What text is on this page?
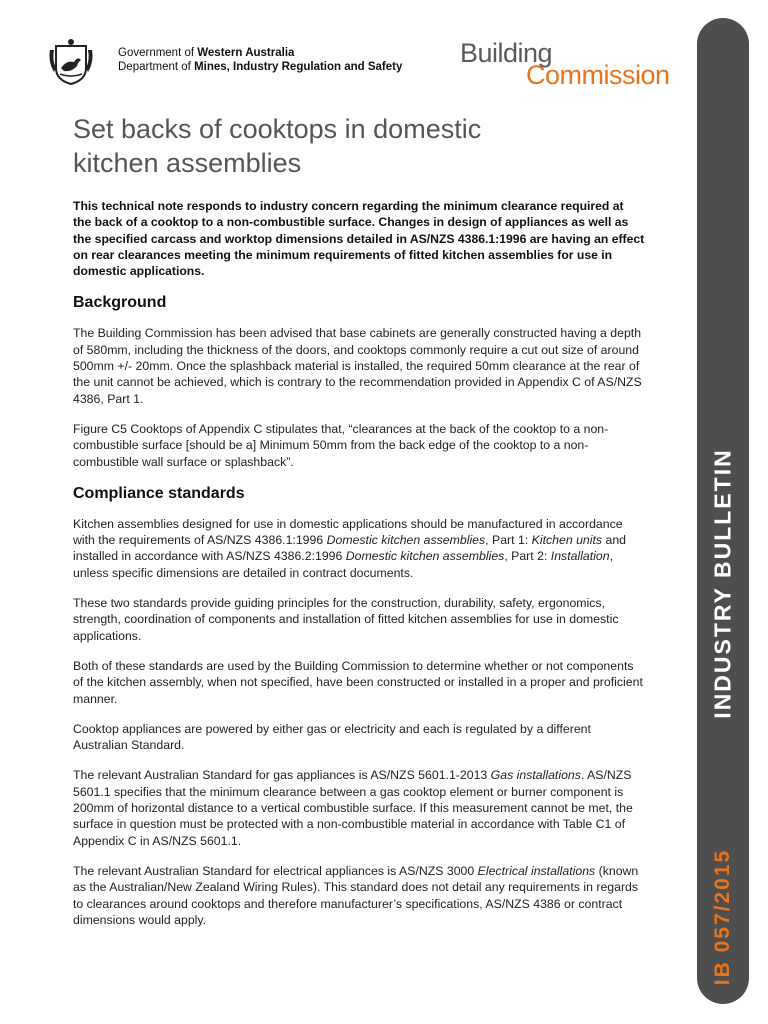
Government of Western Australia
Department of Mines, Industry Regulation and Safety Building
Commission
INDUSTRY BULLETIN
IB 057/2015
Set backs of cooktops in domestic
kitchen assemblies

This technical note responds to industry concern regarding the minimum clearance required at the back of a cooktop to a non-combustible surface. Changes in design of appliances as well as the specified carcass and worktop dimensions detailed in AS/NZS 4386.1:1996 are having an effect on rear clearances meeting the minimum requirements of fitted kitchen assemblies for use in domestic applications.

Background

The Building Commission has been advised that base cabinets are generally constructed having a depth of 580mm, including the thickness of the doors, and cooktops commonly require a cut out size of around 500mm +/- 20mm. Once the splashback material is installed, the required 50mm clearance at the rear of the unit cannot be achieved, which is contrary to the recommendation provided in Appendix C of AS/NZS 4386, Part 1.

Figure C5 Cooktops of Appendix C stipulates that, “clearances at the back of the cooktop to a non-combustible surface [should be a] Minimum 50mm from the back edge of the cooktop to a non-combustible wall surface or splashback”.

Compliance standards

Kitchen assemblies designed for use in domestic applications should be manufactured in accordance with the requirements of AS/NZS 4386.1:1996 Domestic kitchen assemblies, Part 1: Kitchen units and installed in accordance with AS/NZS 4386.2:1996 Domestic kitchen assemblies, Part 2: Installation, unless specific dimensions are detailed in contract documents.

These two standards provide guiding principles for the construction, durability, safety, ergonomics, strength, coordination of components and installation of fitted kitchen assemblies for use in domestic applications.

Both of these standards are used by the Building Commission to determine whether or not components of the kitchen assembly, when not specified, have been constructed or installed in a proper and proficient manner.

Cooktop appliances are powered by either gas or electricity and each is regulated by a different Australian Standard.

The relevant Australian Standard for gas appliances is AS/NZS 5601.1-2013 Gas installations. AS/NZS 5601.1 specifies that the minimum clearance between a gas cooktop element or burner component is 200mm of horizontal distance to a vertical combustible surface. If this measurement cannot be met, the surface in question must be protected with a non-combustible material in accordance with Table C1 of Appendix C in AS/NZS 5601.1.

The relevant Australian Standard for electrical appliances is AS/NZS 3000 Electrical installations (known as the Australian/New Zealand Wiring Rules). This standard does not detail any requirements in regards to clearances around cooktops and therefore manufacturer’s specifications, AS/NZS 4386 or contract dimensions would apply.
